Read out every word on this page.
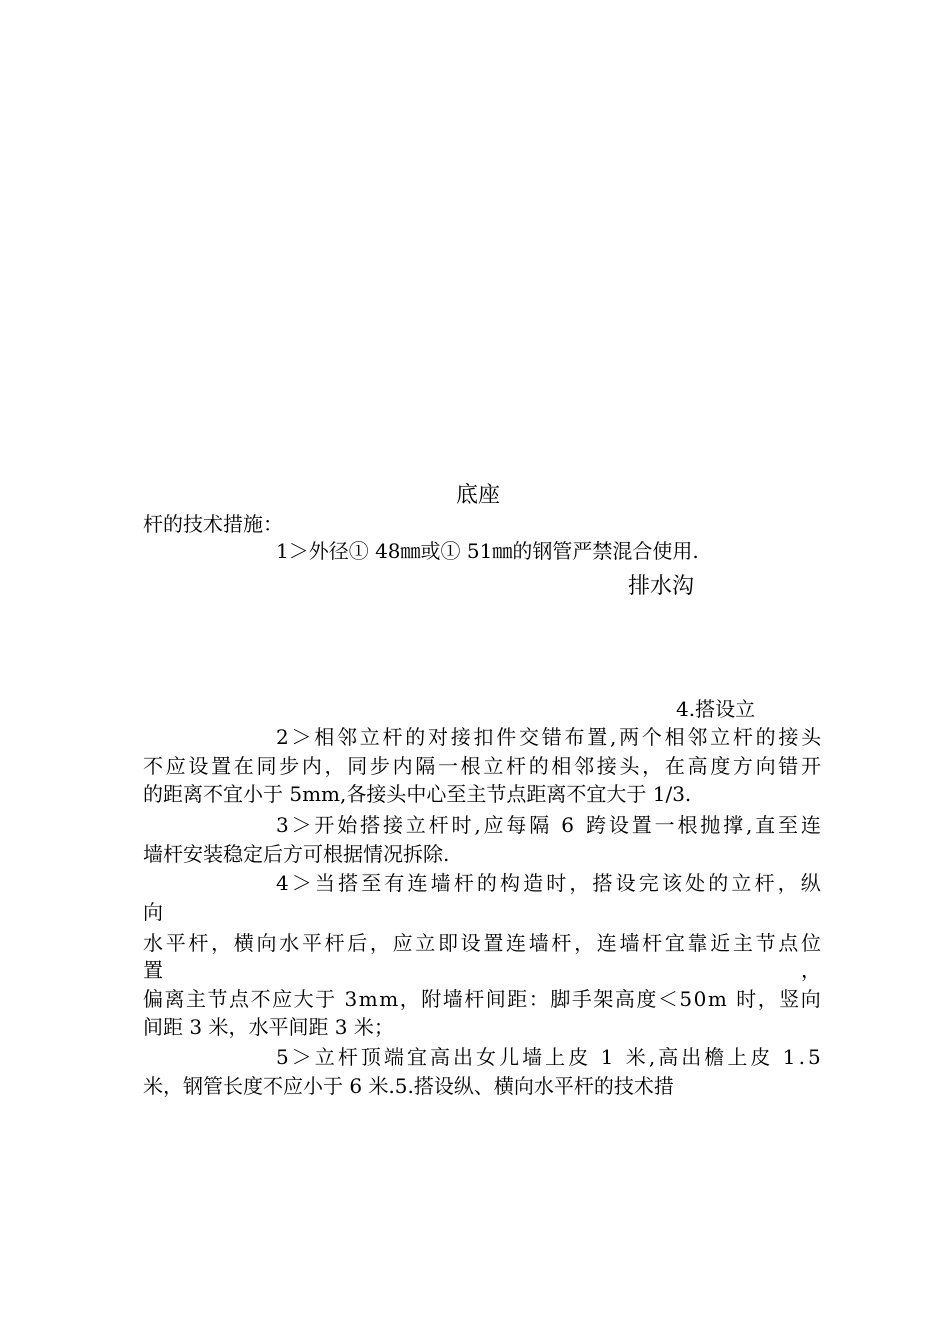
底座
杆的技术措施：
1＞外径① 48㎜或① 51㎜的钢管严禁混合使用.
排水沟
4.搭设立
2＞相邻立杆的对接扣件交错布置,两个相邻立杆的接头
不应设置在同步内，同步内隔一根立杆的相邻接头，在高度方向错开
的距离不宜小于 5mm,各接头中心至主节点距离不宜大于 1/3.
3＞开始搭接立杆时,应每隔 6 跨设置一根抛撑,直至连
墙杆安装稳定后方可根据情况拆除.
4＞当搭至有连墙杆的构造时，搭设完该处的立杆，纵
向
水平杆，横向水平杆后，应立即设置连墙杆，连墙杆宜靠近主节点位
置	，
偏离主节点不应大于 3mm，附墙杆间距：脚手架高度＜50m 时，竖向
间距 3 米，水平间距 3 米；
5＞立杆顶端宜高出女儿墙上皮 1 米,高出檐上皮 1.5
米，钢管长度不应小于 6 米.5.搭设纵、横向水平杆的技术措
